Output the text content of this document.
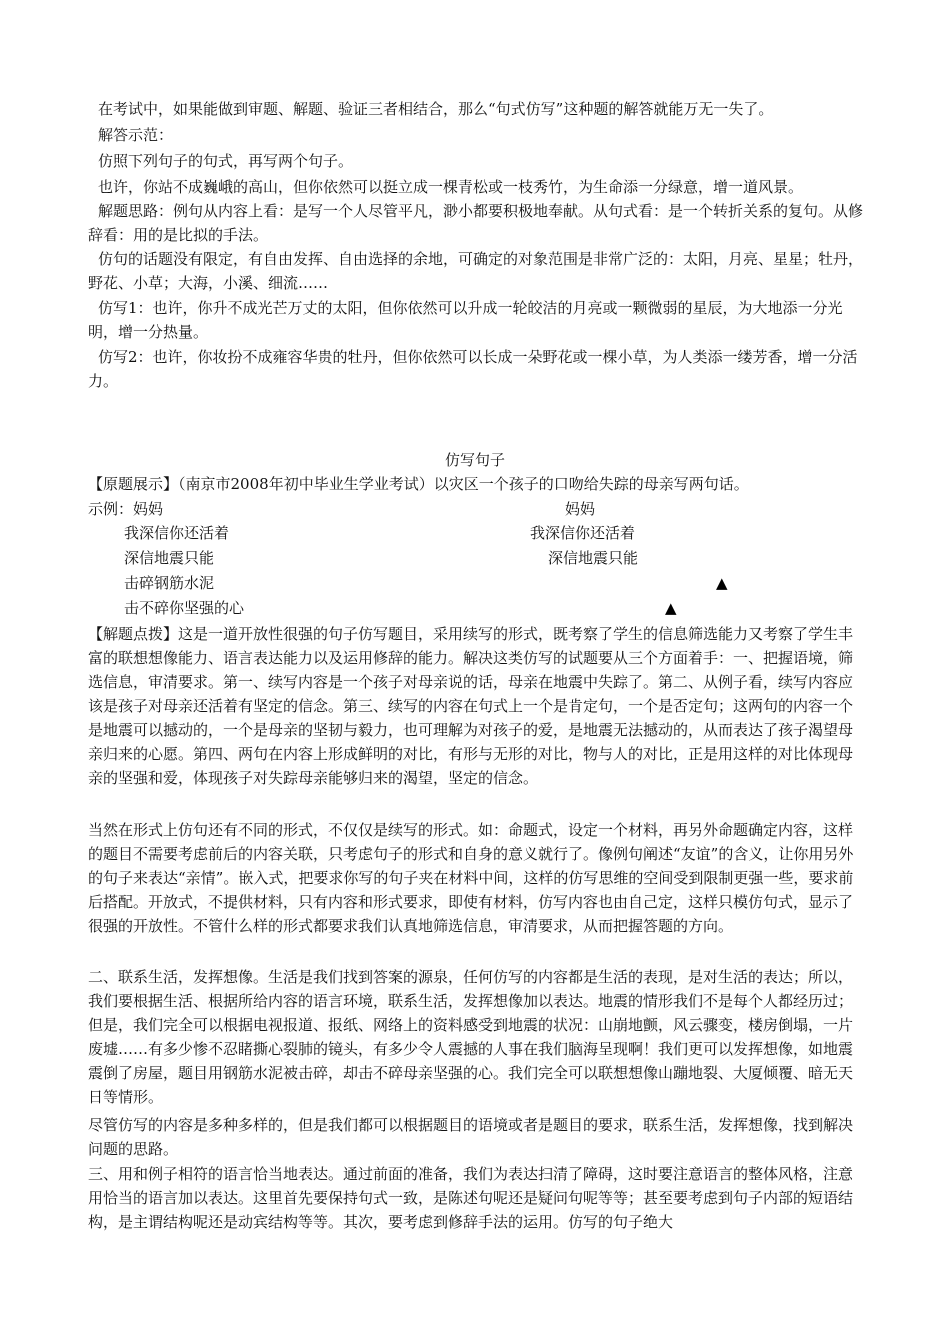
在考试中，如果能做到审题、解题、验证三者相结合，那么“句式仿写”这种题的解答就能万无一失了。

解答示范：

仿照下列句子的句式，再写两个句子。

也许，你站不成巍峨的高山，但你依然可以挺立成一棵青松或一枝秀竹，为生命添一分绿意，增一道风景。

解题思路：例句从内容上看：是写一个人尽管平凡，渺小都要积极地奉献。从句式看：是一个转折关系的复句。从修辞看：用的是比拟的手法。

仿句的话题没有限定，有自由发挥、自由选择的余地，可确定的对象范围是非常广泛的：太阳，月亮、星星；牡丹，野花、小草；大海，小溪、细流……

仿写1：也许，你升不成光芒万丈的太阳，但你依然可以升成一轮皎洁的月亮或一颗微弱的星辰，为大地添一分光明，增一分热量。

仿写2：也许，你妆扮不成雍容华贵的牡丹，但你依然可以长成一朵野花或一棵小草，为人类添一缕芳香，增一分活力。

仿写句子

【原题展示】（南京市2008年初中毕业生学业考试）以灾区一个孩子的口吻给失踪的母亲写两句话。

示例：妈妈

我深信你还活着

深信地震只能

击碎钢筋水泥

击不碎你坚强的心

妈妈

我深信你还活着

深信地震只能

▲
▲

【解题点拨】这是一道开放性很强的句子仿写题目，采用续写的形式，既考察了学生的信息筛选能力又考察了学生丰富的联想想像能力、语言表达能力以及运用修辞的能力。解决这类仿写的试题要从三个方面着手：一、把握语境，筛选信息，审清要求。第一、续写内容是一个孩子对母亲说的话，母亲在地震中失踪了。第二、从例子看，续写内容应该是孩子对母亲还活着有坚定的信念。第三、续写的内容在句式上一个是肯定句，一个是否定句；这两句的内容一个是地震可以撼动的，一个是母亲的坚韧与毅力，也可理解为对孩子的爱，是地震无法撼动的，从而表达了孩子渴望母亲归来的心愿。第四、两句在内容上形成鲜明的对比，有形与无形的对比，物与人的对比，正是用这样的对比体现母亲的坚强和爱，体现孩子对失踪母亲能够归来的渴望，坚定的信念。

当然在形式上仿句还有不同的形式，不仅仅是续写的形式。如：命题式，设定一个材料，再另外命题确定内容，这样的题目不需要考虑前后的内容关联，只考虑句子的形式和自身的意义就行了。像例句阐述“友谊”的含义，让你用另外的句子来表达“亲情”。嵌入式，把要求你写的句子夹在材料中间，这样的仿写思维的空间受到限制更强一些，要求前后搭配。开放式，不提供材料，只有内容和形式要求，即使有材料，仿写内容也由自己定，这样只模仿句式，显示了很强的开放性。不管什么样的形式都要求我们认真地筛选信息，审清要求，从而把握答题的方向。

二、联系生活，发挥想像。生活是我们找到答案的源泉，任何仿写的内容都是生活的表现，是对生活的表达；所以，我们要根据生活、根据所给内容的语言环境，联系生活，发挥想像加以表达。地震的情形我们不是每个人都经历过；但是，我们完全可以根据电视报道、报纸、网络上的资料感受到地震的状况：山崩地颤，风云骤变，楼房倒塌，一片废墟……有多少惨不忍睹撕心裂肺的镜头，有多少令人震撼的人事在我们脑海呈现啊！我们更可以发挥想像，如地震震倒了房屋，题目用钢筋水泥被击碎，却击不碎母亲坚强的心。我们完全可以联想想像山蹦地裂、大厦倾覆、暗无天日等情形。

尽管仿写的内容是多种多样的，但是我们都可以根据题目的语境或者是题目的要求，联系生活，发挥想像，找到解决问题的思路。

三、用和例子相符的语言恰当地表达。通过前面的准备，我们为表达扫清了障碍，这时要注意语言的整体风格，注意用恰当的语言加以表达。这里首先要保持句式一致，是陈述句呢还是疑问句呢等等；甚至要考虑到句子内部的短语结构，是主谓结构呢还是动宾结构等等。其次，要考虑到修辞手法的运用。仿写的句子绝大
